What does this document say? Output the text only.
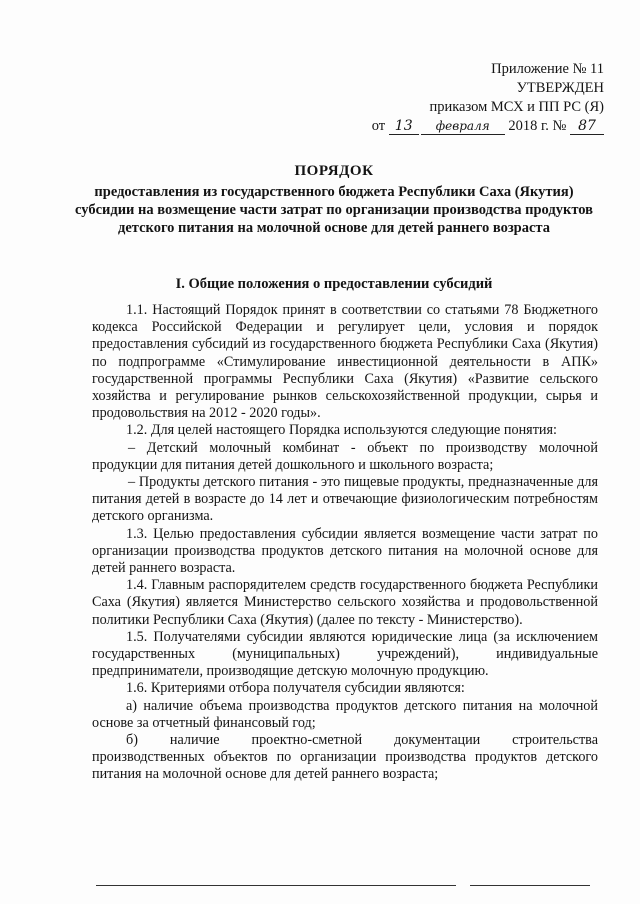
Приложение № 11
УТВЕРЖДЕН
приказом МСХ и ПП РС (Я)
от 13 февраля 2018 г. № 87
ПОРЯДОК
предоставления из государственного бюджета Республики Саха (Якутия) субсидии на возмещение части затрат по организации производства продуктов детского питания на молочной основе для детей раннего возраста
I. Общие положения о предоставлении субсидий

1.1. Настоящий Порядок принят в соответствии со статьями 78 Бюджетного кодекса Российской Федерации и регулирует цели, условия и порядок предоставления субсидий из государственного бюджета Республики Саха (Якутия) по подпрограмме «Стимулирование инвестиционной деятельности в АПК» государственной программы Республики Саха (Якутия) «Развитие сельского хозяйства и регулирование рынков сельскохозяйственной продукции, сырья и продовольствия на 2012 - 2020 годы».

1.2. Для целей настоящего Порядка используются следующие понятия:

– Детский молочный комбинат - объект по производству молочной продукции для питания детей дошкольного и школьного возраста;

– Продукты детского питания - это пищевые продукты, предназначенные для питания детей в возрасте до 14 лет и отвечающие физиологическим потребностям детского организма.

1.3. Целью предоставления субсидии является возмещение части затрат по организации производства продуктов детского питания на молочной основе для детей раннего возраста.

1.4. Главным распорядителем средств государственного бюджета Республики Саха (Якутия) является Министерство сельского хозяйства и продовольственной политики Республики Саха (Якутия) (далее по тексту - Министерство).

1.5. Получателями субсидии являются юридические лица (за исключением государственных (муниципальных) учреждений), индивидуальные предприниматели, производящие детскую молочную продукцию.

1.6. Критериями отбора получателя субсидии являются:

а) наличие объема производства продуктов детского питания на молочной основе за отчетный финансовый год;

б) наличие проектно-сметной документации строительства производственных объектов по организации производства продуктов детского питания на молочной основе для детей раннего возраста;
